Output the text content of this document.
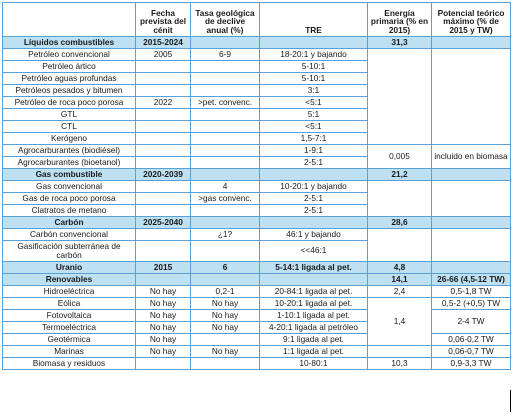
	Fecha prevista del cénit	Tasa geológica de declive anual (%)	TRE	Energía primaria (% en 2015)	Potencial teórico máximo (% de 2015 y TW)
Líquidos combustibles	2015-2024			31,3	
Petróleo convencional	2005	6-9	18-20:1 y bajando		
Petróleo ártico			5-10:1		
Petróleo aguas profundas			5-10:1		
Petróleos pesados y bitumen			3:1		
Petróleo de roca poco porosa	2022	>pet. convenc.	<5:1		
GTL			5:1		
CTL			<5:1		
Kerógeno			1,5-7:1		
Agrocarburantes (biodiésel)			1-9:1	0,005	incluido en biomasa
Agrocarburantes (bioetanol)			2-5:1		
Gas combustible	2020-2039			21,2	
Gas convencional		4	10-20:1 y bajando		
Gas de roca poco porosa		>gas convenc.	2-5:1		
Clatratos de metano			2-5:1		
Carbón	2025-2040			28,6	
Carbón convencional		¿1?	46:1 y bajando		
Gasificación subterránea de carbón			<<46:1		
Uranio	2015	6	5-14:1 ligada al pet.	4,8	
Renovables				14,1	26-66 (4,5-12 TW)
Hidroeléctrica	No hay	0,2-1	20-84:1 ligada al pet.	2,4	0,5-1,8 TW
Eólica	No hay	No hay	10-20:1 ligada al pet.	1,4	0,5-2 (+0,5) TW
Fotovoltaica	No hay	No hay	1-10:1 ligada al pet.		2-4 TW
Termoeléctrica	No hay	No hay	4-20:1 ligada al petróleo		
Geotérmica	No hay		9:1 ligada al pet.		0,06-0,2 TW
Marinas	No hay	No hay	1:1 ligada al pet.		0,06-0,7 TW
Biomasa y residuos			10-80:1	10,3	0,9-3,3 TW
